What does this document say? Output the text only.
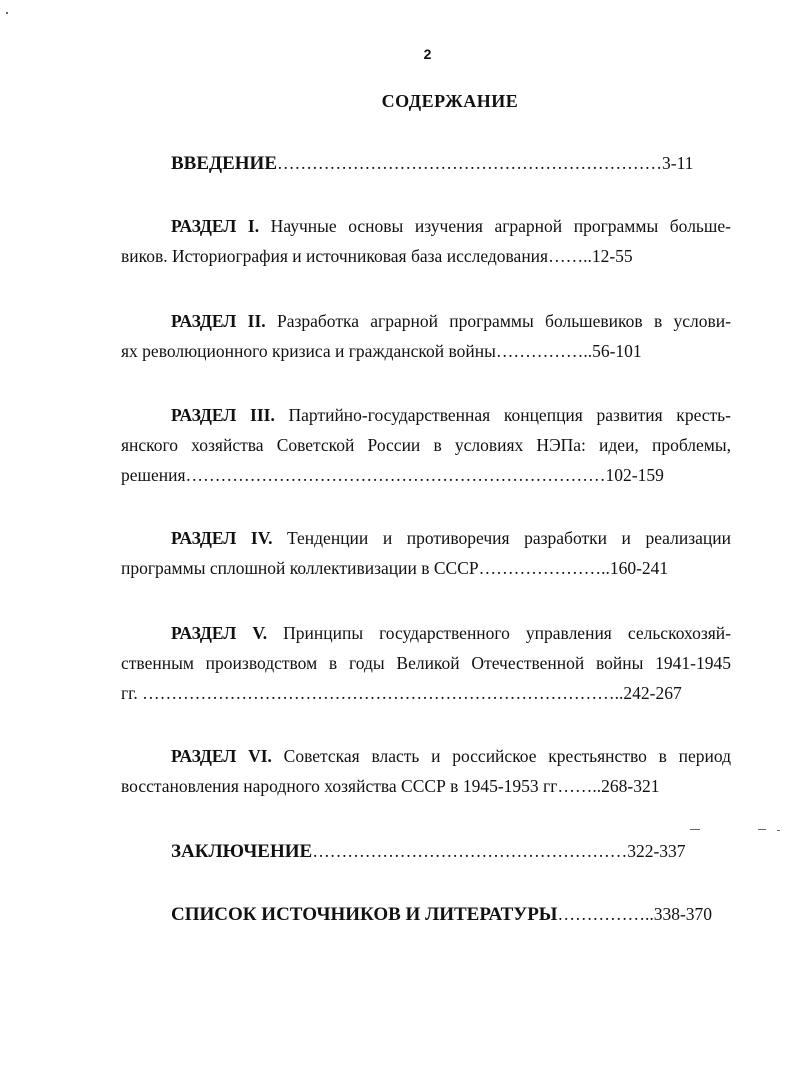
2
СОДЕРЖАНИЕ
ВВЕДЕНИЕ…………………………………………………………3-11
РАЗДЕЛ I. Научные основы изучения аграрной программы больше-
виков. Историография и источниковая база исследования……..12-55
РАЗДЕЛ II. Разработка аграрной программы большевиков в услови-
ях революционного кризиса и гражданской войны……………..56-101
РАЗДЕЛ III. Партийно-государственная концепция развития кресть-
янского хозяйства Советской России в условиях НЭПа: идеи, проблемы,
решения………………………………………………………………102-159
РАЗДЕЛ IV. Тенденции и противоречия разработки и реализации
программы сплошной коллективизации в СССР…………………..160-241
РАЗДЕЛ V. Принципы государственного управления сельскохозяй-
ственным производством в годы Великой Отечественной войны 1941-1945
гг. ………………………………………………………………………..242-267
РАЗДЕЛ VI. Советская власть и российское крестьянство в период
восстановления народного хозяйства СССР в 1945-1953 гг……..268-321
ЗАКЛЮЧЕНИЕ………………………………………………322-337
СПИСОК ИСТОЧНИКОВ И ЛИТЕРАТУРЫ……………..338-370
